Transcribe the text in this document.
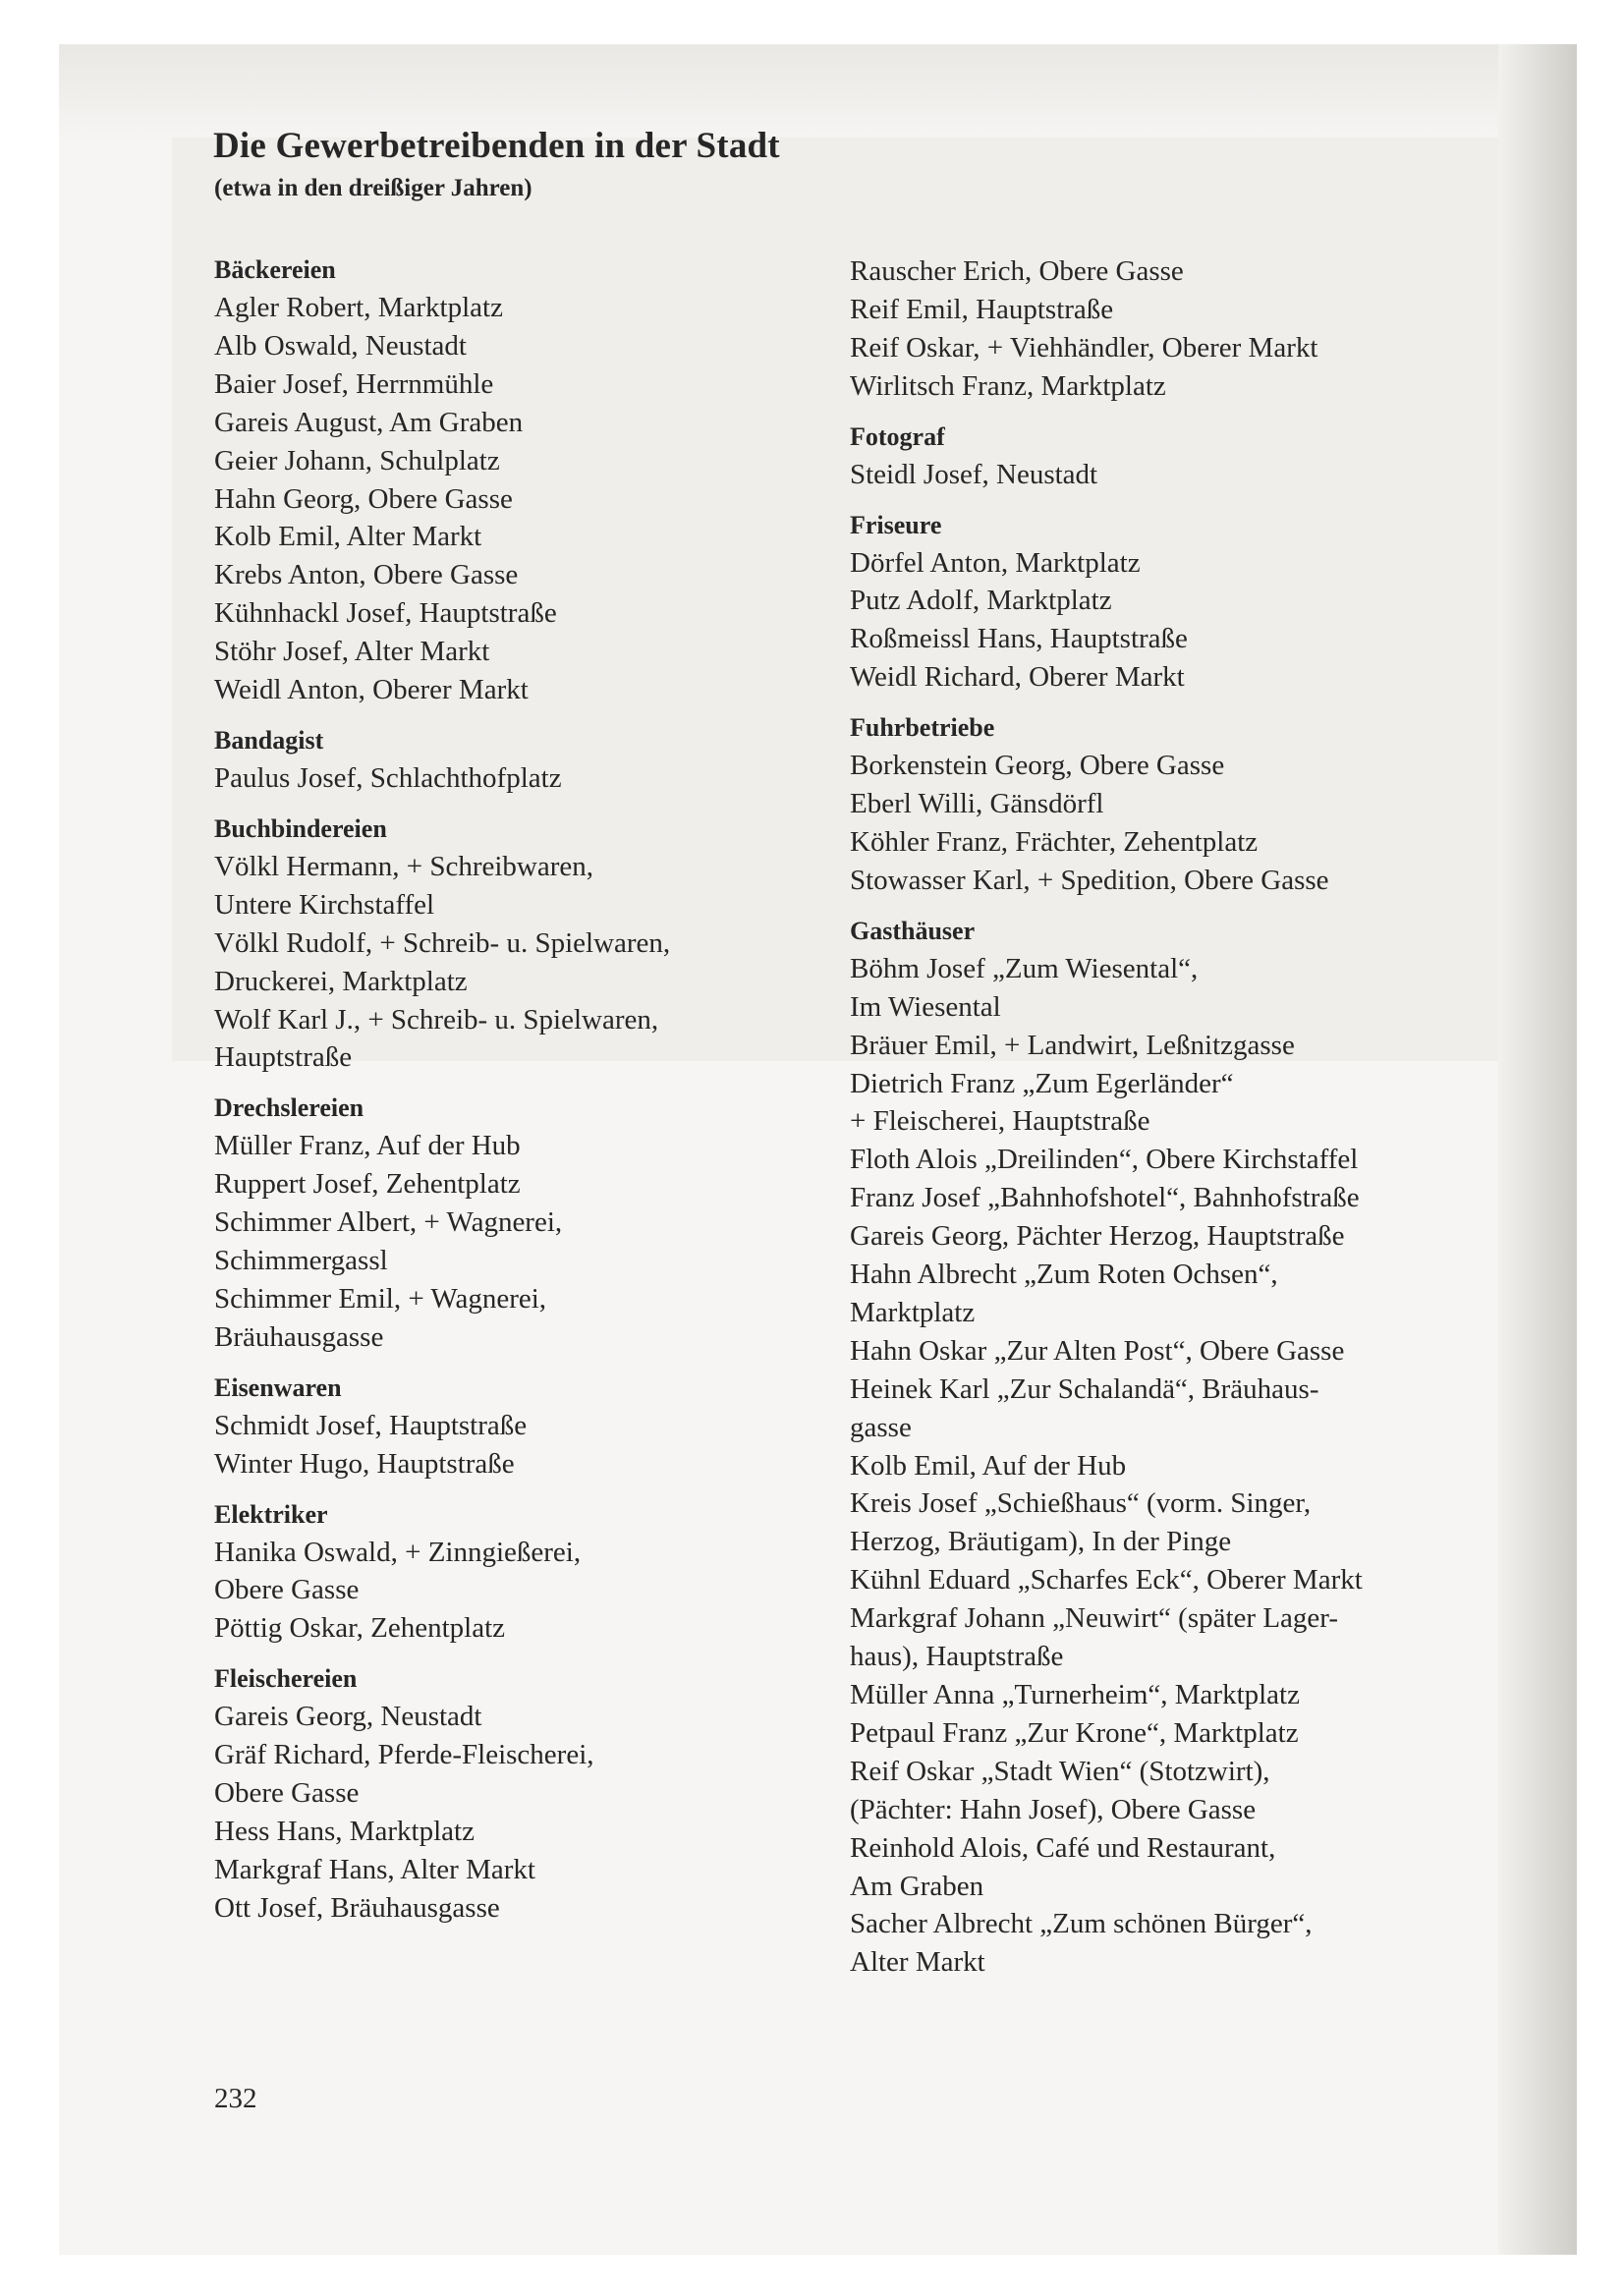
Die Gewerbetreibenden in der Stadt
(etwa in den dreißiger Jahren)
Bäckereien
Agler Robert, Marktplatz
Alb Oswald, Neustadt
Baier Josef, Herrnmühle
Gareis August, Am Graben
Geier Johann, Schulplatz
Hahn Georg, Obere Gasse
Kolb Emil, Alter Markt
Krebs Anton, Obere Gasse
Kühnhackl Josef, Hauptstraße
Stöhr Josef, Alter Markt
Weidl Anton, Oberer Markt
Bandagist
Paulus Josef, Schlachthofplatz
Buchbindereien
Völkl Hermann, + Schreibwaren,
Untere Kirchstaffel
Völkl Rudolf, + Schreib- u. Spielwaren,
Druckerei, Marktplatz
Wolf Karl J., + Schreib- u. Spielwaren,
Hauptstraße
Drechslereien
Müller Franz, Auf der Hub
Ruppert Josef, Zehentplatz
Schimmer Albert, + Wagnerei,
Schimmergassl
Schimmer Emil, + Wagnerei,
Bräuhausgasse
Eisenwaren
Schmidt Josef, Hauptstraße
Winter Hugo, Hauptstraße
Elektriker
Hanika Oswald, + Zinngießerei,
Obere Gasse
Pöttig Oskar, Zehentplatz
Fleischereien
Gareis Georg, Neustadt
Gräf Richard, Pferde-Fleischerei,
Obere Gasse
Hess Hans, Marktplatz
Markgraf Hans, Alter Markt
Ott Josef, Bräuhausgasse
Rauscher Erich, Obere Gasse
Reif Emil, Hauptstraße
Reif Oskar, + Viehhändler, Oberer Markt
Wirlitsch Franz, Marktplatz
Fotograf
Steidl Josef, Neustadt
Friseure
Dörfel Anton, Marktplatz
Putz Adolf, Marktplatz
Roßmeissl Hans, Hauptstraße
Weidl Richard, Oberer Markt
Fuhrbetriebe
Borkenstein Georg, Obere Gasse
Eberl Willi, Gänsdörfl
Köhler Franz, Frächter, Zehentplatz
Stowasser Karl, + Spedition, Obere Gasse
Gasthäuser
Böhm Josef „Zum Wiesental“,
Im Wiesental
Bräuer Emil, + Landwirt, Leßnitzgasse
Dietrich Franz „Zum Egerländer“
+ Fleischerei, Hauptstraße
Floth Alois „Dreilinden“, Obere Kirchstaffel
Franz Josef „Bahnhofshotel“, Bahnhofstraße
Gareis Georg, Pächter Herzog, Hauptstraße
Hahn Albrecht „Zum Roten Ochsen“,
Marktplatz
Hahn Oskar „Zur Alten Post“, Obere Gasse
Heinek Karl „Zur Schalandä“, Bräuhaus-
gasse
Kolb Emil, Auf der Hub
Kreis Josef „Schießhaus“ (vorm. Singer,
Herzog, Bräutigam), In der Pinge
Kühnl Eduard „Scharfes Eck“, Oberer Markt
Markgraf Johann „Neuwirt“ (später Lager-
haus), Hauptstraße
Müller Anna „Turnerheim“, Marktplatz
Petpaul Franz „Zur Krone“, Marktplatz
Reif Oskar „Stadt Wien“ (Stotzwirt),
(Pächter: Hahn Josef), Obere Gasse
Reinhold Alois, Café und Restaurant,
Am Graben
Sacher Albrecht „Zum schönen Bürger“,
Alter Markt
232
